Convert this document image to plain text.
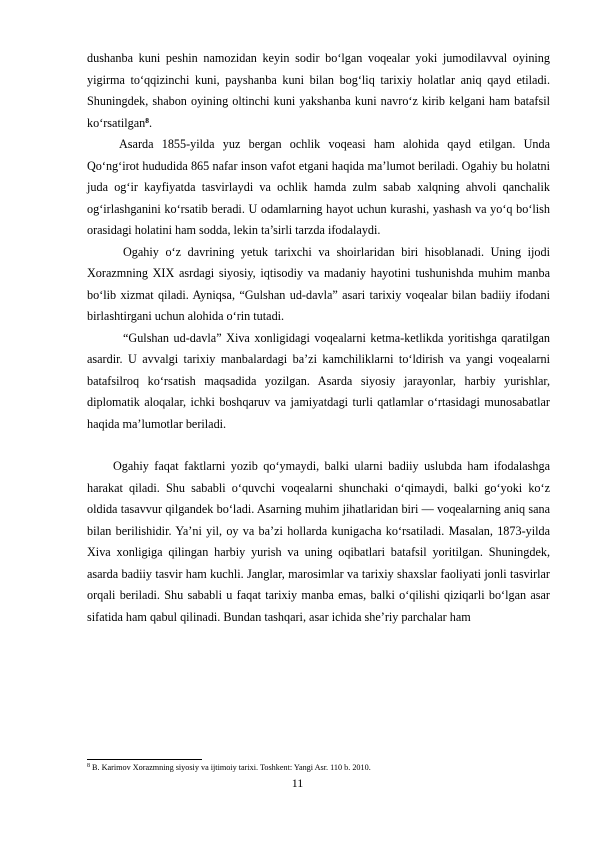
dushanba kuni peshin namozidan keyin sodir bo‘lgan voqealar yoki jumodilavval oyining yigirma to‘qqizinchi kuni, payshanba kuni bilan bog‘liq tarixiy holatlar aniq qayd etiladi. Shuningdek, shabon oyining oltinchi kuni yakshanba kuni navro‘z kirib kelgani ham batafsil ko‘rsatilgan$^8$.

Asarda 1855-yilda yuz bergan ochlik voqeasi ham alohida qayd etilgan. Unda Qo‘ng‘irot hududida 865 nafar inson vafot etgani haqida ma’lumot beriladi. Ogahiy bu holatni juda og‘ir kayfiyatda tasvirlaydi va ochlik hamda zulm sabab xalqning ahvoli qanchalik og‘irlashganini ko‘rsatib beradi. U odamlarning hayot uchun kurashi, yashash va yo‘q bo‘lish orasidagi holatini ham sodda, lekin ta’sirli tarzda ifodalaydi.

Ogahiy o‘z davrining yetuk tarixchi va shoirlaridan biri hisoblanadi. Uning ijodi Xorazmning XIX asrdagi siyosiy, iqtisodiy va madaniy hayotini tushunishda muhim manba bo‘lib xizmat qiladi. Ayniqsa, “Gulshan ud-davla” asari tarixiy voqealar bilan badiiy ifodani birlashtirgani uchun alohida o‘rin tutadi.

“Gulshan ud-davla” Xiva xonligidagi voqealarni ketma-ketlikda yoritishga qaratilgan asardir. U avvalgi tarixiy manbalardagi ba’zi kamchiliklarni to‘ldirish va yangi voqealarni batafsilroq ko‘rsatish maqsadida yozilgan. Asarda siyosiy jarayonlar, harbiy yurishlar, diplomatik aloqalar, ichki boshqaruv va jamiyatdagi turli qatlamlar o‘rtasidagi munosabatlar haqida ma’lumotlar beriladi.

Ogahiy faqat faktlarni yozib qo‘ymaydi, balki ularni badiiy uslubda ham ifodalashga harakat qiladi. Shu sababli o‘quvchi voqealarni shunchaki o‘qimaydi, balki go‘yoki ko‘z oldida tasavvur qilgandek bo‘ladi. Asarning muhim jihatlaridan biri — voqealarning aniq sana bilan berilishidir. Ya’ni yil, oy va ba’zi hollarda kunigacha ko‘rsatiladi. Masalan, 1873-yilda Xiva xonligiga qilingan harbiy yurish va uning oqibatlari batafsil yoritilgan. Shuningdek, asarda badiiy tasvir ham kuchli. Janglar, marosimlar va tarixiy shaxslar faoliyati jonli tasvirlar orqali beriladi. Shu sababli u faqat tarixiy manba emas, balki o‘qilishi qiziqarli bo‘lgan asar sifatida ham qabul qilinadi. Bundan tashqari, asar ichida she’riy parchalar ham

$^8$ B. Karimov Xorazmning siyosiy va ijtimoiy tarixi. Toshkent: Yangi Asr. 110 b. 2010.
11
